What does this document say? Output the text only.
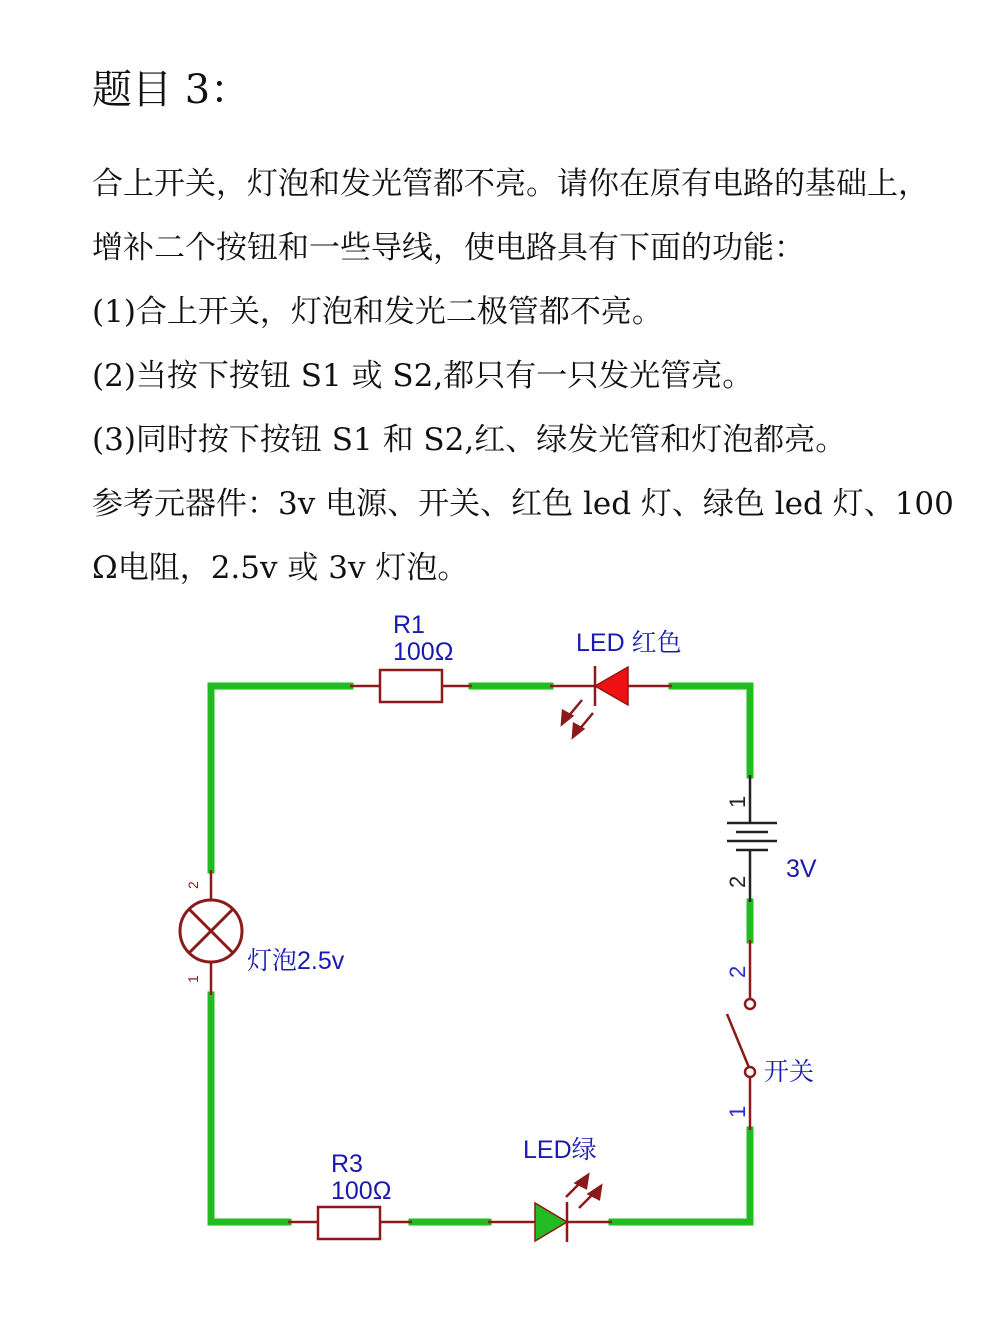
题目 3：
合上开关，灯泡和发光管都不亮。请你在原有电路的基础上，
增补二个按钮和一些导线，使电路具有下面的功能：
(1)合上开关，灯泡和发光二极管都不亮。
(2)当按下按钮 S1 或 S2,都只有一只发光管亮。
(3)同时按下按钮 S1 和 S2,红、绿发光管和灯泡都亮。
参考元器件：3v 电源、开关、红色 led 灯、绿色 led 灯、100
Ω电阻，2.5v 或 3v 灯泡。
R1
100Ω	LED 红色
1
2 3V
2
1
开关
2
1
灯泡2.5v
R3
100Ω
LED绿
